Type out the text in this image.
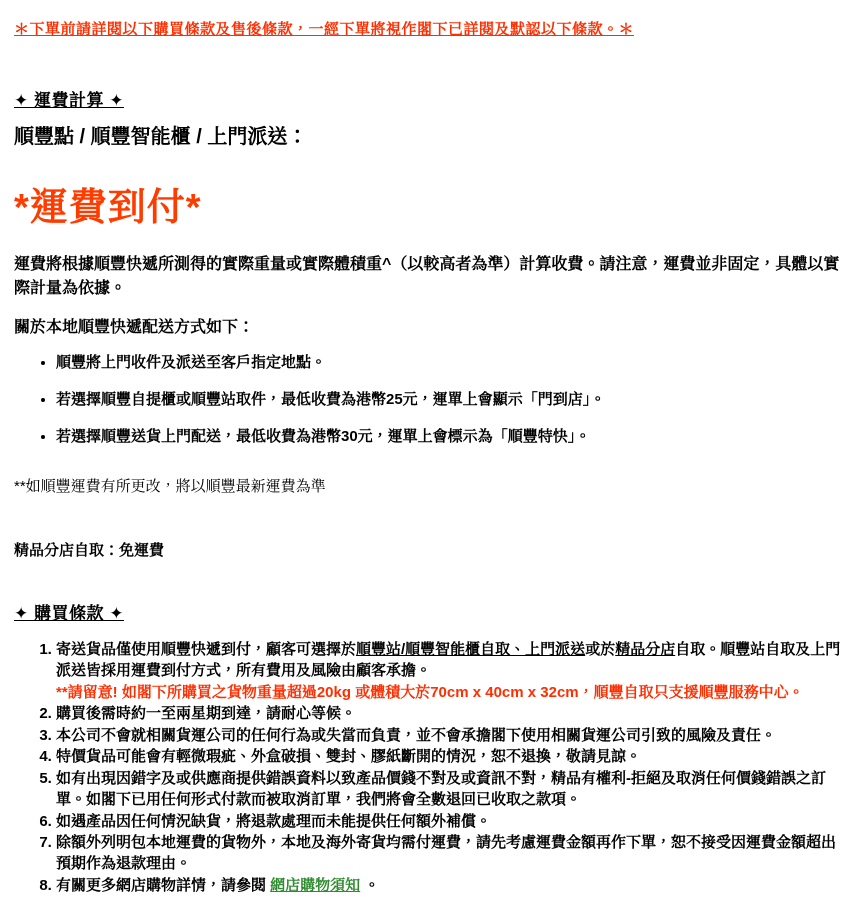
＊下單前請詳閱以下購買條款及售後條款，一經下單將視作閣下已詳閱及默認以下條款。＊

✦ 運費計算 ✦

順豐點 / 順豐智能櫃 / 上門派送：

*運費到付*

運費將根據順豐快遞所測得的實際重量或實際體積重^（以較高者為準）計算收費。請注意，運費並非固定，具體以實際計量為依據。

關於本地順豐快遞配送方式如下：

• 順豐將上門收件及派送至客戶指定地點。
• 若選擇順豐自提櫃或順豐站取件，最低收費為港幣25元，運單上會顯示「門到店」。
• 若選擇順豐送貨上門配送，最低收費為港幣30元，運單上會標示為「順豐特快」。

**如順豐運費有所更改，將以順豐最新運費為準

精品分店自取：免運費

✦ 購買條款 ✦
1. 寄送貨品僅使用順豐快遞到付，顧客可選擇於順豐站/順豐智能櫃自取、上門派送或於精品分店自取。順豐站自取及上門派送皆採用運費到付方式，所有費用及風險由顧客承擔。
**請留意! 如閣下所購買之貨物重量超過20kg 或體積大於70cm x 40cm x 32cm，順豐自取只支援順豐服務中心。
2. 購買後需時約一至兩星期到達，請耐心等候。
3. 本公司不會就相關貨運公司的任何行為或失當而負責，並不會承擔閣下使用相關貨運公司引致的風險及責任。
4. 特價貨品可能會有輕微瑕疵、外盒破損、雙封、膠紙斷開的情況，恕不退換，敬請見諒。
5. 如有出現因錯字及或供應商提供錯誤資料以致產品價錢不對及或資訊不對，精品有權利-拒絕及取消任何價錢錯誤之訂單。如閣下已用任何形式付款而被取消訂單，我們將會全數退回已收取之款項。
6. 如遇產品因任何情況缺貨，將退款處理而未能提供任何額外補償。
7. 除額外列明包本地運費的貨物外，本地及海外寄貨均需付運費，請先考慮運費金額再作下單，恕不接受因運費金額超出預期作為退款理由。
8. 有關更多網店購物詳情，請參閱 網店購物須知 。
